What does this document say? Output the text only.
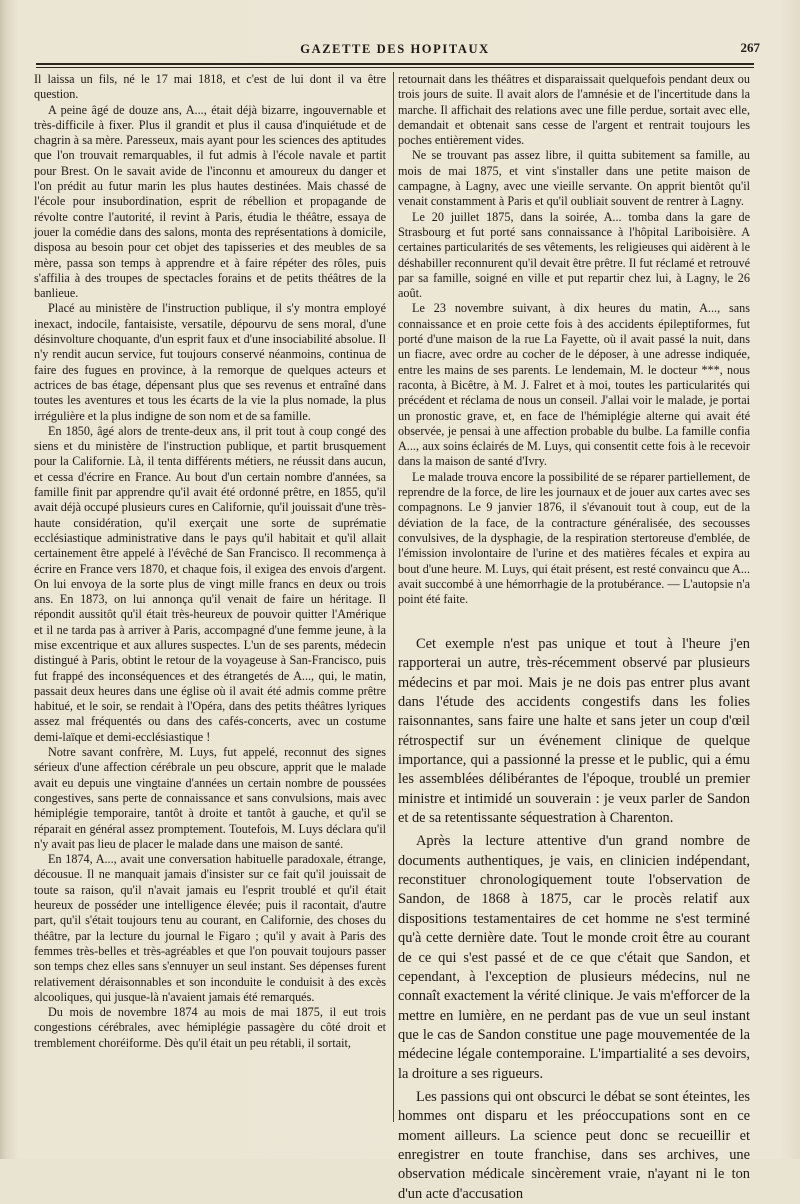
GAZETTE DES HOPITAUX	267

Il laissa un fils, né le 17 mai 1818, et c'est de lui dont il va être question.

A peine âgé de douze ans, A..., était déjà bizarre, ingouvernable et très-difficile à fixer. Plus il grandit et plus il causa d'inquiétude et de chagrin à sa mère. Paresseux, mais ayant pour les sciences des aptitudes que l'on trouvait remarquables, il fut admis à l'école navale et partit pour Brest. On le savait avide de l'inconnu et amoureux du danger et l'on prédit au futur marin les plus hautes destinées. Mais chassé de l'école pour insubordination, esprit de rébellion et propagande de révolte contre l'autorité, il revint à Paris, étudia le théâtre, essaya de jouer la comédie dans des salons, monta des représentations à domicile, disposa au besoin pour cet objet des tapisseries et des meubles de sa mère, passa son temps à apprendre et à faire répéter des rôles, puis s'affilia à des troupes de spectacles forains et de petits théâtres de la banlieue.

Placé au ministère de l'instruction publique, il s'y montra employé inexact, indocile, fantaisiste, versatile, dépourvu de sens moral, d'une désinvolture choquante, d'un esprit faux et d'une insociabilité absolue. Il n'y rendit aucun service, fut toujours conservé néanmoins, continua de faire des fugues en province, à la remorque de quelques acteurs et actrices de bas étage, dépensant plus que ses revenus et entraîné dans toutes les aventures et tous les écarts de la vie la plus nomade, la plus irrégulière et la plus indigne de son nom et de sa famille.

En 1850, âgé alors de trente-deux ans, il prit tout à coup congé des siens et du ministère de l'instruction publique, et partit brusquement pour la Californie. Là, il tenta différents métiers, ne réussit dans aucun, et cessa d'écrire en France. Au bout d'un certain nombre d'années, sa famille finit par apprendre qu'il avait été ordonné prêtre, en 1855, qu'il avait déjà occupé plusieurs cures en Californie, qu'il jouissait d'une très-haute considération, qu'il exerçait une sorte de suprématie ecclésiastique administrative dans le pays qu'il habitait et qu'il allait certainement être appelé à l'évêché de San Francisco. Il recommença à écrire en France vers 1870, et chaque fois, il exigea des envois d'argent. On lui envoya de la sorte plus de vingt mille francs en deux ou trois ans. En 1873, on lui annonça qu'il venait de faire un héritage. Il répondit aussitôt qu'il était très-heureux de pouvoir quitter l'Amérique et il ne tarda pas à arriver à Paris, accompagné d'une femme jeune, à la mise excentrique et aux allures suspectes. L'un de ses parents, médecin distingué à Paris, obtint le retour de la voyageuse à San-Francisco, puis fut frappé des inconséquences et des étrangetés de A..., qui, le matin, passait deux heures dans une église où il avait été admis comme prêtre habitué, et le soir, se rendait à l'Opéra, dans des petits théâtres lyriques assez mal fréquentés ou dans des cafés-concerts, avec un costume demi-laïque et demi-ecclésiastique !

Notre savant confrère, M. Luys, fut appelé, reconnut des signes sérieux d'une affection cérébrale un peu obscure, apprit que le malade avait eu depuis une vingtaine d'années un certain nombre de poussées congestives, sans perte de connaissance et sans convulsions, mais avec hémiplégie temporaire, tantôt à droite et tantôt à gauche, et qu'il se réparait en général assez promptement. Toutefois, M. Luys déclara qu'il n'y avait pas lieu de placer le malade dans une maison de santé.

En 1874, A..., avait une conversation habituelle paradoxale, étrange, décousue. Il ne manquait jamais d'insister sur ce fait qu'il jouissait de toute sa raison, qu'il n'avait jamais eu l'esprit troublé et qu'il était heureux de posséder une intelligence élevée; puis il racontait, d'autre part, qu'il s'était toujours tenu au courant, en Californie, des choses du théâtre, par la lecture du journal le Figaro ; qu'il y avait à Paris des femmes très-belles et très-agréables et que l'on pouvait toujours passer son temps chez elles sans s'ennuyer un seul instant. Ses dépenses furent relativement déraisonnables et son inconduite le conduisit à des excès alcooliques, qui jusque-là n'avaient jamais été remarqués.

Du mois de novembre 1874 au mois de mai 1875, il eut trois congestions cérébrales, avec hémiplégie passagère du côté droit et tremblement choréiforme. Dès qu'il était un peu rétabli, il sortait,

retournait dans les théâtres et disparaissait quelquefois pendant deux ou trois jours de suite. Il avait alors de l'amnésie et de l'incertitude dans la marche. Il affichait des relations avec une fille perdue, sortait avec elle, demandait et obtenait sans cesse de l'argent et rentrait toujours les poches entièrement vides.

Ne se trouvant pas assez libre, il quitta subitement sa famille, au mois de mai 1875, et vint s'installer dans une petite maison de campagne, à Lagny, avec une vieille servante. On apprit bientôt qu'il venait constamment à Paris et qu'il oubliait souvent de rentrer à Lagny.

Le 20 juillet 1875, dans la soirée, A... tomba dans la gare de Strasbourg et fut porté sans connaissance à l'hôpital Lariboisière. A certaines particularités de ses vêtements, les religieuses qui aidèrent à le déshabiller reconnurent qu'il devait être prêtre. Il fut réclamé et retrouvé par sa famille, soigné en ville et put repartir chez lui, à Lagny, le 26 août.

Le 23 novembre suivant, à dix heures du matin, A..., sans connaissance et en proie cette fois à des accidents épileptiformes, fut porté d'une maison de la rue La Fayette, où il avait passé la nuit, dans un fiacre, avec ordre au cocher de le déposer, à une adresse indiquée, entre les mains de ses parents. Le lendemain, M. le docteur ***, nous raconta, à Bicêtre, à M. J. Falret et à moi, toutes les particularités qui précédent et réclama de nous un conseil. J'allai voir le malade, je portai un pronostic grave, et, en face de l'hémiplégie alterne qui avait été observée, je pensai à une affection probable du bulbe. La famille confia A..., aux soins éclairés de M. Luys, qui consentit cette fois à le recevoir dans la maison de santé d'Ivry.

Le malade trouva encore la possibilité de se réparer partiellement, de reprendre de la force, de lire les journaux et de jouer aux cartes avec ses compagnons. Le 9 janvier 1876, il s'évanouit tout à coup, eut de la déviation de la face, de la contracture généralisée, des secousses convulsives, de la dysphagie, de la respiration stertoreuse d'emblée, de l'émission involontaire de l'urine et des matières fécales et expira au bout d'une heure. M. Luys, qui était présent, est resté convaincu que A... avait succombé à une hémorrhagie de la protubérance. — L'autopsie n'a point été faite.

Cet exemple n'est pas unique et tout à l'heure j'en rapporterai un autre, très-récemment observé par plusieurs médecins et par moi. Mais je ne dois pas entrer plus avant dans l'étude des accidents congestifs dans les folies raisonnantes, sans faire une halte et sans jeter un coup d'œil rétrospectif sur un événement clinique de quelque importance, qui a passionné la presse et le public, qui a ému les assemblées délibérantes de l'époque, troublé un premier ministre et intimidé un souverain : je veux parler de Sandon et de sa retentissante séquestration à Charenton.

Après la lecture attentive d'un grand nombre de documents authentiques, je vais, en clinicien indépendant, reconstituer chronologiquement toute l'observation de Sandon, de 1868 à 1875, car le procès relatif aux dispositions testamentaires de cet homme ne s'est terminé qu'à cette dernière date. Tout le monde croit être au courant de ce qui s'est passé et de ce que c'était que Sandon, et cependant, à l'exception de plusieurs médecins, nul ne connaît exactement la vérité clinique. Je vais m'efforcer de la mettre en lumière, en ne perdant pas de vue un seul instant que le cas de Sandon constitue une page mouvementée de la médecine légale contemporaine. L'impartialité a ses devoirs, la droiture a ses rigueurs.

Les passions qui ont obscurci le débat se sont éteintes, les hommes ont disparu et les préoccupations sont en ce moment ailleurs. La science peut donc se recueillir et enregistrer en toute franchise, dans ses archives, une observation médicale sincèrement vraie, n'ayant ni le ton d'un acte d'accusation
